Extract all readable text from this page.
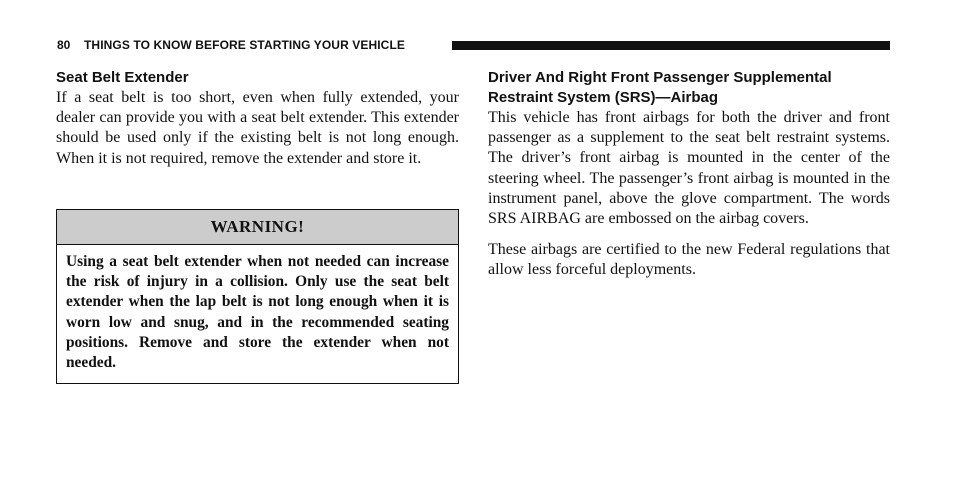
80 THINGS TO KNOW BEFORE STARTING YOUR VEHICLE
Seat Belt Extender

If a seat belt is too short, even when fully extended, your dealer can provide you with a seat belt extender. This extender should be used only if the existing belt is not long enough. When it is not required, remove the extender and store it.

WARNING!
Using a seat belt extender when not needed can increase the risk of injury in a collision. Only use the seat belt extender when the lap belt is not long enough when it is worn low and snug, and in the recommended seating positions. Remove and store the extender when not needed.
Driver And Right Front Passenger Supplemental Restraint System (SRS)—Airbag

This vehicle has front airbags for both the driver and front passenger as a supplement to the seat belt restraint systems. The driver’s front airbag is mounted in the center of the steering wheel. The passenger’s front airbag is mounted in the instrument panel, above the glove compartment. The words SRS AIRBAG are embossed on the airbag covers.

These airbags are certified to the new Federal regulations that allow less forceful deployments.
